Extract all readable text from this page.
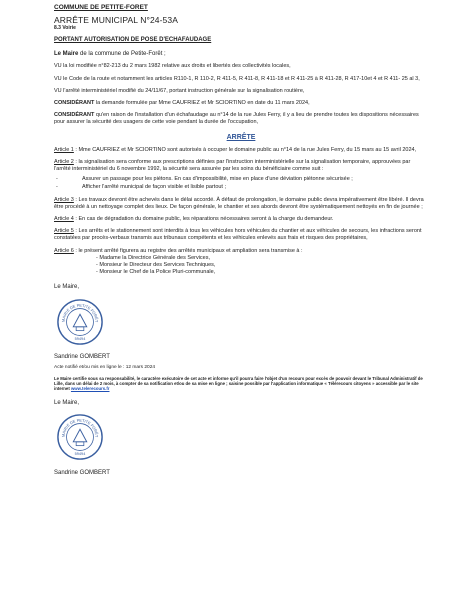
COMMUNE DE PETITE-FORET
ARRÊTE MUNICIPAL N°24-53A
8.3 Voirie
PORTANT AUTORISATION DE POSE D'ECHAFAUDAGE
Le Maire de la commune de Petite-Forêt ;

VU la loi modifiée n°82-213 du 2 mars 1982 relative aux droits et libertés des collectivités locales,

VU le Code de la route et notamment les articles R110-1, R 110-2, R 411-5, R 411-8, R 411-18 et R 411-25 à R 411-28, R 417-10et 4 et R 411- 25 al 3,

VU l'arrêté interministériel modifié du 24/11/67, portant instruction générale sur la signalisation routière,

CONSIDÉRANT la demande formulée par Mme CAUFRIEZ et Mr SCIORTINO en date du 11 mars 2024,

CONSIDÉRANT qu'en raison de l'installation d'un échafaudage au n°14 de la rue Jules Ferry, il y a lieu de prendre toutes les dispositions nécessaires pour assurer la sécurité des usagers de cette voie pendant la durée de l'occupation,

ARRÊTE

Article 1 : Mme CAUFRIEZ et Mr SCIORTINO sont autorisés à occuper le domaine public au n°14 de la rue Jules Ferry, du 15 mars au 15 avril 2024,

Article 2 : la signalisation sera conforme aux prescriptions définies par l'instruction interministérielle sur la signalisation temporaire, approuvées par l'arrêté interministériel du 6 novembre 1992, la sécurité sera assurée par les soins du bénéficiaire comme suit :

- Assurer un passage pour les piétons. En cas d'impossibilité, mise en place d'une déviation piétonne sécurisée ;
- Afficher l'arrêté municipal de façon visible et lisible partout ;

Article 3 : Les travaux devront être achevés dans le délai accordé. À défaut de prolongation, le domaine public devra impérativement être libéré. Il devra être procédé à un nettoyage complet des lieux. De façon générale, le chantier et ses abords devront être systématiquement nettoyés en fin de journée ;

Article 4 : En cas de dégradation du domaine public, les réparations nécessaires seront à la charge du demandeur.

Article 5 : Les arrêts et le stationnement sont interdits à tous les véhicules hors véhicules du chantier et aux véhicules de secours, les infractions seront constatées par procès-verbaux transmis aux tribunaux compétents et les véhicules enlevés aux frais et risques des propriétaires,

Article 6 : le présent arrêté figurera au registre des arrêtés municipaux et ampliation sera transmise à :

- Madame la Directrice Générale des Services,
- Monsieur le Directeur des Services Techniques,
- Monsieur le Chef de la Police Pluri-communale,
Le Maire,
MAIRIE DE PETITE FORÊT
59494
Sandrine GOMBERT
Acte notifié et/ou mis en ligne le : 12 mars 2024
Le Maire certifie sous sa responsabilité, le caractère exécutoire de cet acte et informe qu'il pourra faire l'objet d'un recours pour excès de pouvoir devant le Tribunal Administratif de Lille, dans un délai de 2 mois, à compter de sa notification et/ou de sa mise en ligne ; saisine possible par l'application informatique « Télérecours citoyens » accessible par le site internet www.telerecours.fr
Le Maire,
MAIRIE DE PETITE FORÊT
59494
Sandrine GOMBERT
